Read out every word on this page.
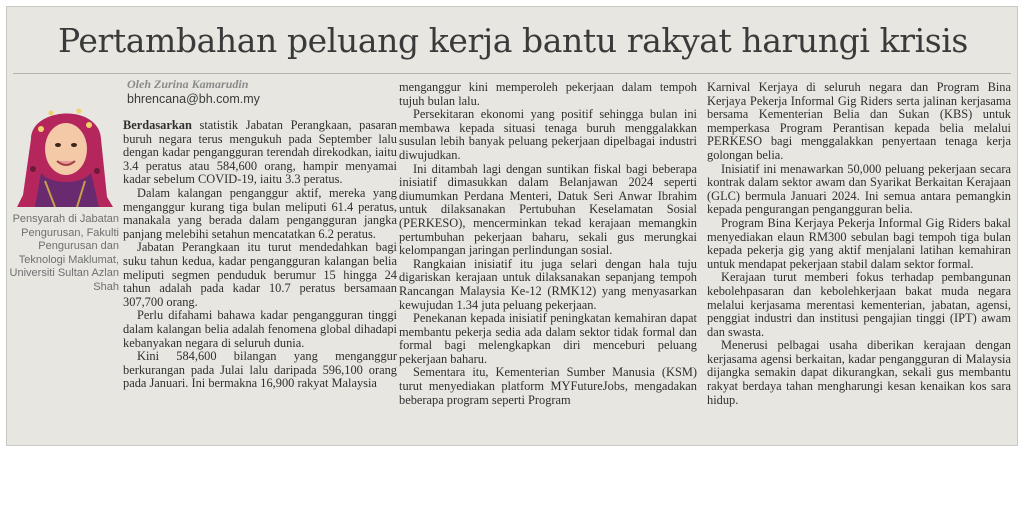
Pertambahan peluang kerja bantu rakyat harungi krisis
Oleh Zurina Kamarudin
bhrencana@bh.com.my
Pensyarah di Jabatan Pengurusan, Fakulti Pengurusan dan Teknologi Maklumat, Universiti Sultan Azlan Shah

Berdasarkan statistik Jabatan Perangkaan, pasaran buruh negara terus mengukuh pada September lalu dengan kadar pengangguran terendah direkodkan, iaitu 3.4 peratus atau 584,600 orang, hampir menyamai kadar sebelum COVID-19, iaitu 3.3 peratus.

Dalam kalangan penganggur aktif, mereka yang menganggur kurang tiga bulan meliputi 61.4 peratus, manakala yang berada dalam pengangguran jangka panjang melebihi setahun mencatatkan 6.2 peratus.

Jabatan Perangkaan itu turut mendedahkan bagi suku tahun kedua, kadar pengangguran kalangan belia meliputi segmen penduduk berumur 15 hingga 24 tahun adalah pada kadar 10.7 peratus bersamaan 307,700 orang.

Perlu difahami bahawa kadar pengangguran tinggi dalam kalangan belia adalah fenomena global dihadapi kebanyakan negara di seluruh dunia.

Kini 584,600 bilangan yang menganggur berkurangan pada Julai lalu daripada 596,100 orang pada Januari. Ini bermakna 16,900 rakyat Malaysia

menganggur kini memperoleh pekerjaan dalam tempoh tujuh bulan lalu.

Persekitaran ekonomi yang positif sehingga bulan ini membawa kepada situasi tenaga buruh menggalakkan susulan lebih banyak peluang pekerjaan dipelbagai industri diwujudkan.

Ini ditambah lagi dengan suntikan fiskal bagi beberapa inisiatif dimasukkan dalam Belanjawan 2024 seperti diumumkan Perdana Menteri, Datuk Seri Anwar Ibrahim untuk dilaksanakan Pertubuhan Keselamatan Sosial (PERKESO), mencerminkan tekad kerajaan memangkin pertumbuhan pekerjaan baharu, sekali gus merungkai kelompangan jaringan perlindungan sosial.

Rangkaian inisiatif itu juga selari dengan hala tuju digariskan kerajaan untuk dilaksanakan sepanjang tempoh Rancangan Malaysia Ke-12 (RMK12) yang menyasarkan kewujudan 1.34 juta peluang pekerjaan.

Penekanan kepada inisiatif peningkatan kemahiran dapat membantu pekerja sedia ada dalam sektor tidak formal dan formal bagi melengkapkan diri menceburi peluang pekerjaan baharu.

Sementara itu, Kementerian Sumber Manusia (KSM) turut menyediakan platform MYFutureJobs, mengadakan beberapa program seperti Program

Karnival Kerjaya di seluruh negara dan Program Bina Kerjaya Pekerja Informal Gig Riders serta jalinan kerjasama bersama Kementerian Belia dan Sukan (KBS) untuk memperkasa Program Perantisan kepada belia melalui PERKESO bagi menggalakkan penyertaan tenaga kerja golongan belia.

Inisiatif ini menawarkan 50,000 peluang pekerjaan secara kontrak dalam sektor awam dan Syarikat Berkaitan Kerajaan (GLC) bermula Januari 2024. Ini semua antara pemangkin kepada pengurangan pengangguran belia.

Program Bina Kerjaya Pekerja Informal Gig Riders bakal menyediakan elaun RM300 sebulan bagi tempoh tiga bulan kepada pekerja gig yang aktif menjalani latihan kemahiran untuk mendapat pekerjaan stabil dalam sektor formal.

Kerajaan turut memberi fokus terhadap pembangunan kebolehpasaran dan kebolehkerjaan bakat muda negara melalui kerjasama merentasi kementerian, jabatan, agensi, penggiat industri dan institusi pengajian tinggi (IPT) awam dan swasta.

Menerusi pelbagai usaha diberikan kerajaan dengan kerjasama agensi berkaitan, kadar pengangguran di Malaysia dijangka semakin dapat dikurangkan, sekali gus membantu rakyat berdaya tahan mengharungi kesan kenaikan kos sara hidup.
